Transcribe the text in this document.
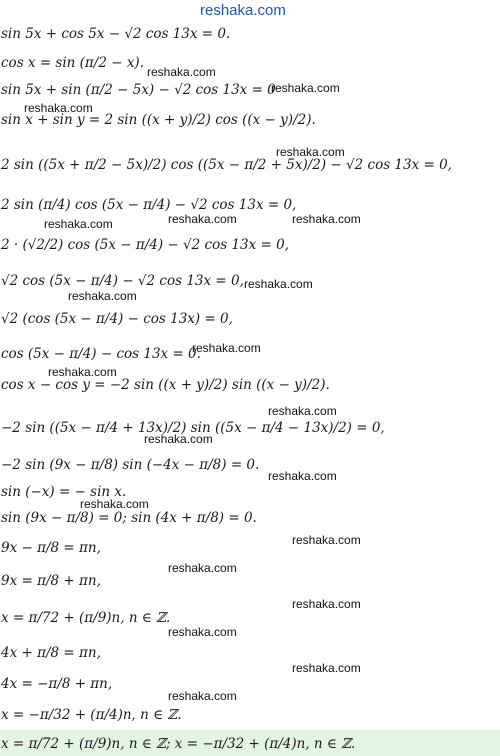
reshaka.com
sin 5x + cos 5x − √2 cos 13x = 0.
cos x = sin (π/2 − x).
sin 5x + sin (π/2 − 5x) − √2 cos 13x = 0
sin x + sin y = 2 sin ((x + y)/2) cos ((x − y)/2).
2 sin ((5x + π/2 − 5x)/2) cos ((5x − π/2 + 5x)/2) − √2 cos 13x = 0,
2 sin (π/4) cos (5x − π/4) − √2 cos 13x = 0,
2 · (√2/2) cos (5x − π/4) − √2 cos 13x = 0,
√2 cos (5x − π/4) − √2 cos 13x = 0,
√2 (cos (5x − π/4) − cos 13x) = 0,
cos (5x − π/4) − cos 13x = 0.
cos x − cos y = −2 sin ((x + y)/2) sin ((x − y)/2).
−2 sin ((5x − π/4 + 13x)/2) sin ((5x − π/4 − 13x)/2) = 0,
−2 sin (9x − π/8) sin (−4x − π/8) = 0.
sin (−x) = − sin x.
sin (9x − π/8) = 0; sin (4x + π/8) = 0.
9x − π/8 = πn,
9x = π/8 + πn,
x = π/72 + (π/9)n, n ∈ ℤ.
4x + π/8 = πn,
4x = −π/8 + πn,
x = −π/32 + (π/4)n, n ∈ ℤ.
x = π/72 + (π/9)n, n ∈ ℤ; x = −π/32 + (π/4)n, n ∈ ℤ.
reshaka.com
reshaka.com
reshaka.com
reshaka.com
reshaka.com	reshaka.com
reshaka.com
reshaka.com
reshaka.com
reshaka.com
reshaka.com
reshaka.com
reshaka.com
reshaka.com
reshaka.com
reshaka.com
reshaka.com
reshaka.com
reshaka.com
reshaka.com
reshaka.com
